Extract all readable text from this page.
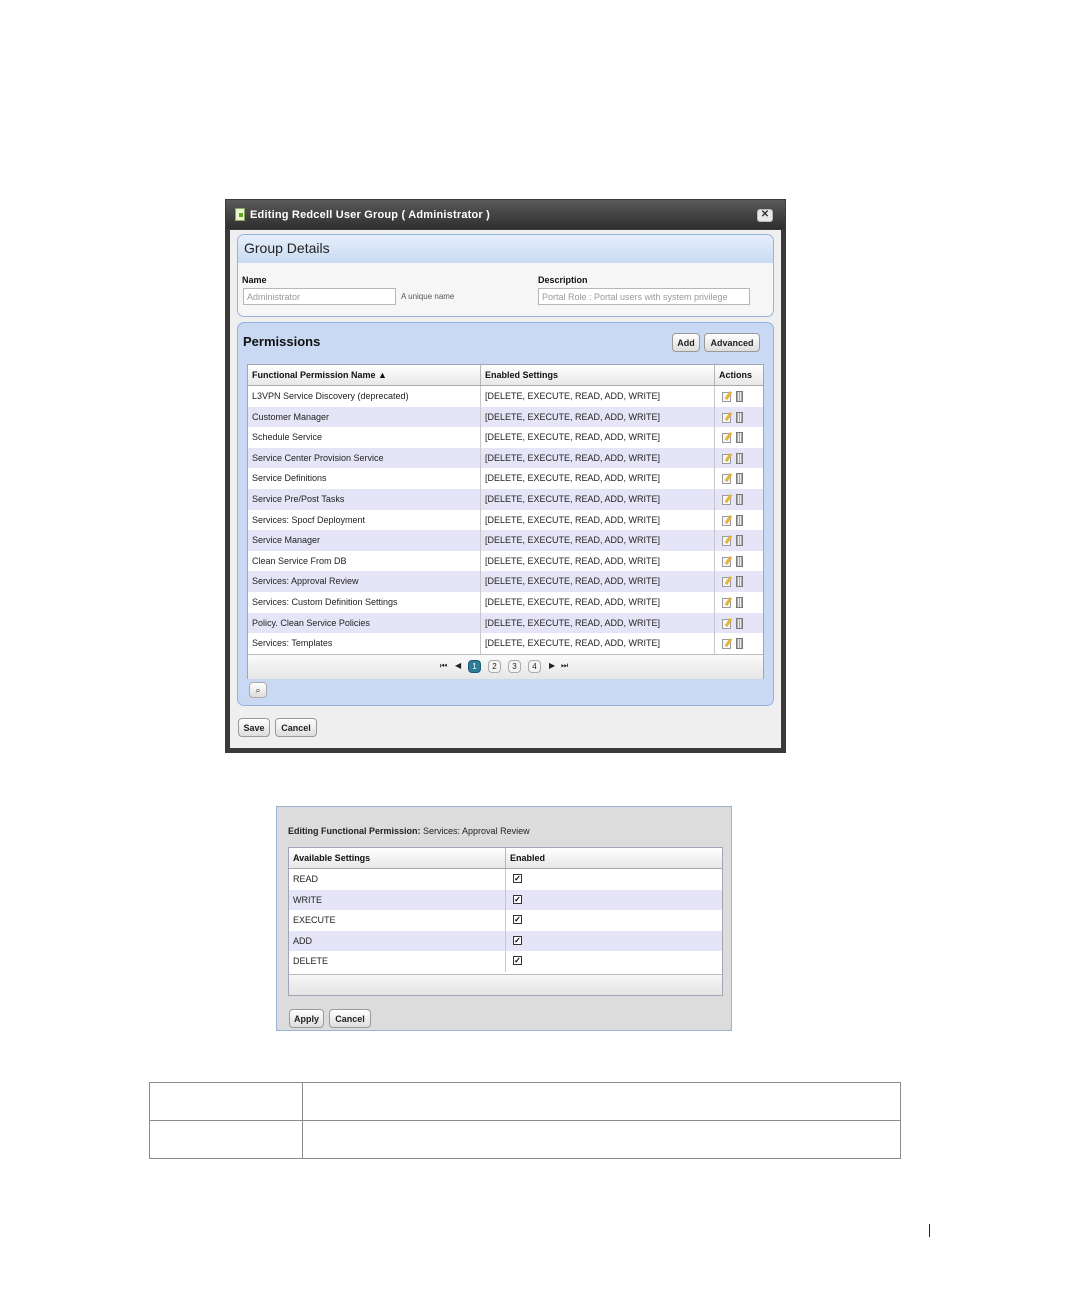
Editing Redcell User Group ( Administrator )	✕
Group Details
Name
Administrator	A unique name
Description
Portal Role : Portal users with system privilege
Permissions	Add	Advanced
Functional Permission Name ▲	Enabled Settings	Actions
L3VPN Service Discovery (deprecated)	[DELETE, EXECUTE, READ, ADD, WRITE]
Customer Manager	[DELETE, EXECUTE, READ, ADD, WRITE]
Schedule Service	[DELETE, EXECUTE, READ, ADD, WRITE]
Service Center Provision Service	[DELETE, EXECUTE, READ, ADD, WRITE]
Service Definitions	[DELETE, EXECUTE, READ, ADD, WRITE]
Service Pre/Post Tasks	[DELETE, EXECUTE, READ, ADD, WRITE]
Services: Spocf Deployment	[DELETE, EXECUTE, READ, ADD, WRITE]
Service Manager	[DELETE, EXECUTE, READ, ADD, WRITE]
Clean Service From DB	[DELETE, EXECUTE, READ, ADD, WRITE]
Services: Approval Review	[DELETE, EXECUTE, READ, ADD, WRITE]
Services: Custom Definition Settings	[DELETE, EXECUTE, READ, ADD, WRITE]
Policy. Clean Service Policies	[DELETE, EXECUTE, READ, ADD, WRITE]
Services: Templates	[DELETE, EXECUTE, READ, ADD, WRITE]
⏮ ◀	1	2	3	4	▶ ⏭
⌕
Save	Cancel
Editing Functional Permission: Services: Approval Review
Available Settings	Enabled
READ	✓
WRITE	✓
EXECUTE	✓
ADD	✓
DELETE	✓
Apply	Cancel
